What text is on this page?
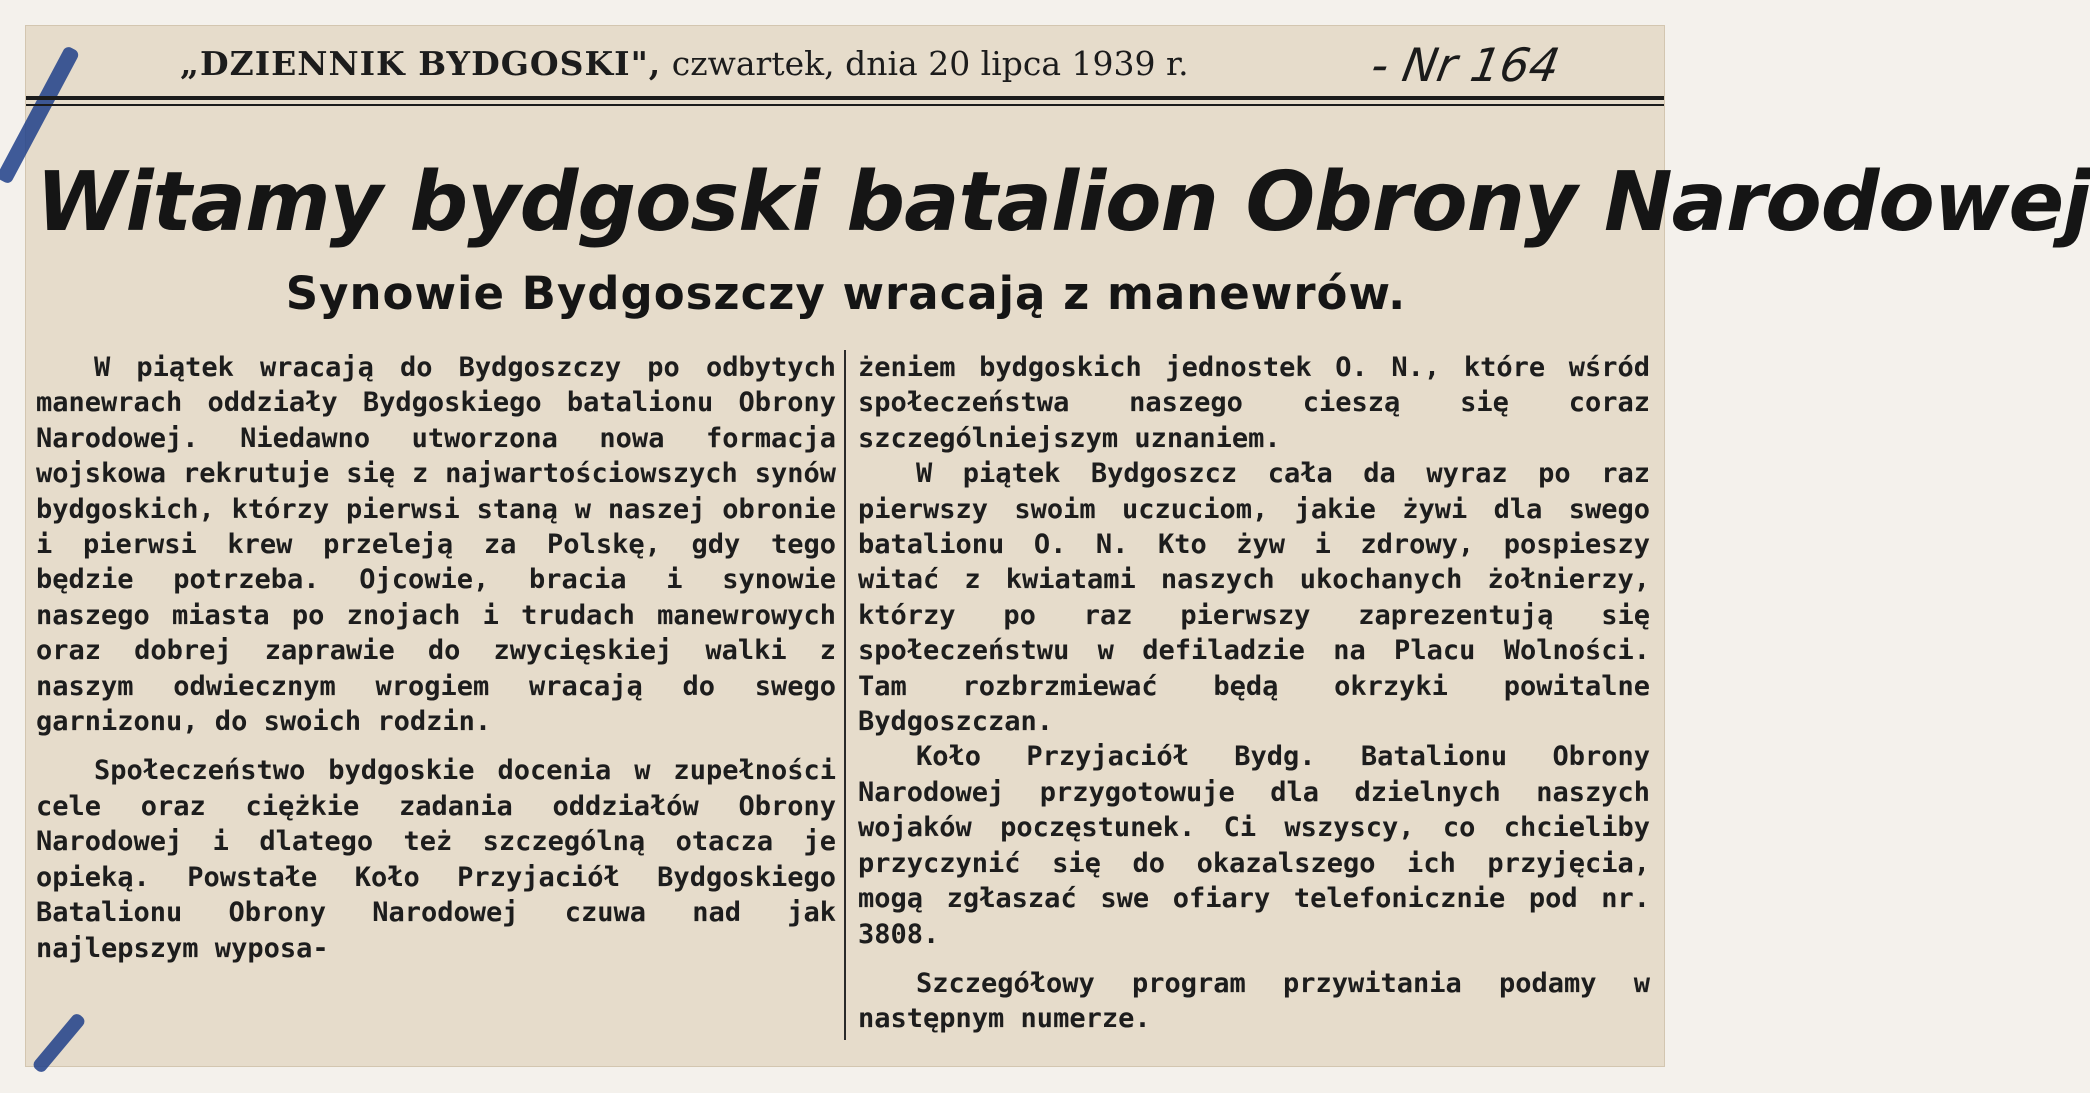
„DZIENNIK BYDGOSKI", czwartek, dnia 20 lipca 1939 r.	- Nr 164
Witamy bydgoski batalion Obrony Narodowej
Synowie Bydgoszczy wracają z manewrów.

W piątek wracają do Bydgoszczy po odbytych manewrach oddziały Bydgoskiego batalionu Obrony Narodowej. Niedawno utworzona nowa formacja wojskowa rekrutuje się z najwartościowszych synów bydgoskich, którzy pierwsi staną w naszej obronie i pierwsi krew przeleją za Polskę, gdy tego będzie potrzeba. Ojcowie, bracia i synowie naszego miasta po znojach i trudach manewrowych oraz dobrej zaprawie do zwycięskiej walki z naszym odwiecznym wrogiem wracają do swego garnizonu, do swoich rodzin.

Społeczeństwo bydgoskie docenia w zupełności cele oraz ciężkie zadania oddziałów Obrony Narodowej i dlatego też szczególną otacza je opieką. Powstałe Koło Przyjaciół Bydgoskiego Batalionu Obrony Narodowej czuwa nad jak najlepszym wyposa-

żeniem bydgoskich jednostek O. N., które wśród społeczeństwa naszego cieszą się coraz szczególniejszym uznaniem.

W piątek Bydgoszcz cała da wyraz po raz pierwszy swoim uczuciom, jakie żywi dla swego batalionu O. N. Kto żyw i zdrowy, pospieszy witać z kwiatami naszych ukochanych żołnierzy, którzy po raz pierwszy zaprezentują się społeczeństwu w defiladzie na Placu Wolności. Tam rozbrzmiewać będą okrzyki powitalne Bydgoszczan.

Koło Przyjaciół Bydg. Batalionu Obrony Narodowej przygotowuje dla dzielnych naszych wojaków poczęstunek. Ci wszyscy, co chcieliby przyczynić się do okazalszego ich przyjęcia, mogą zgłaszać swe ofiary telefonicznie pod nr. 3808.

Szczegółowy program przywitania podamy w następnym numerze.
